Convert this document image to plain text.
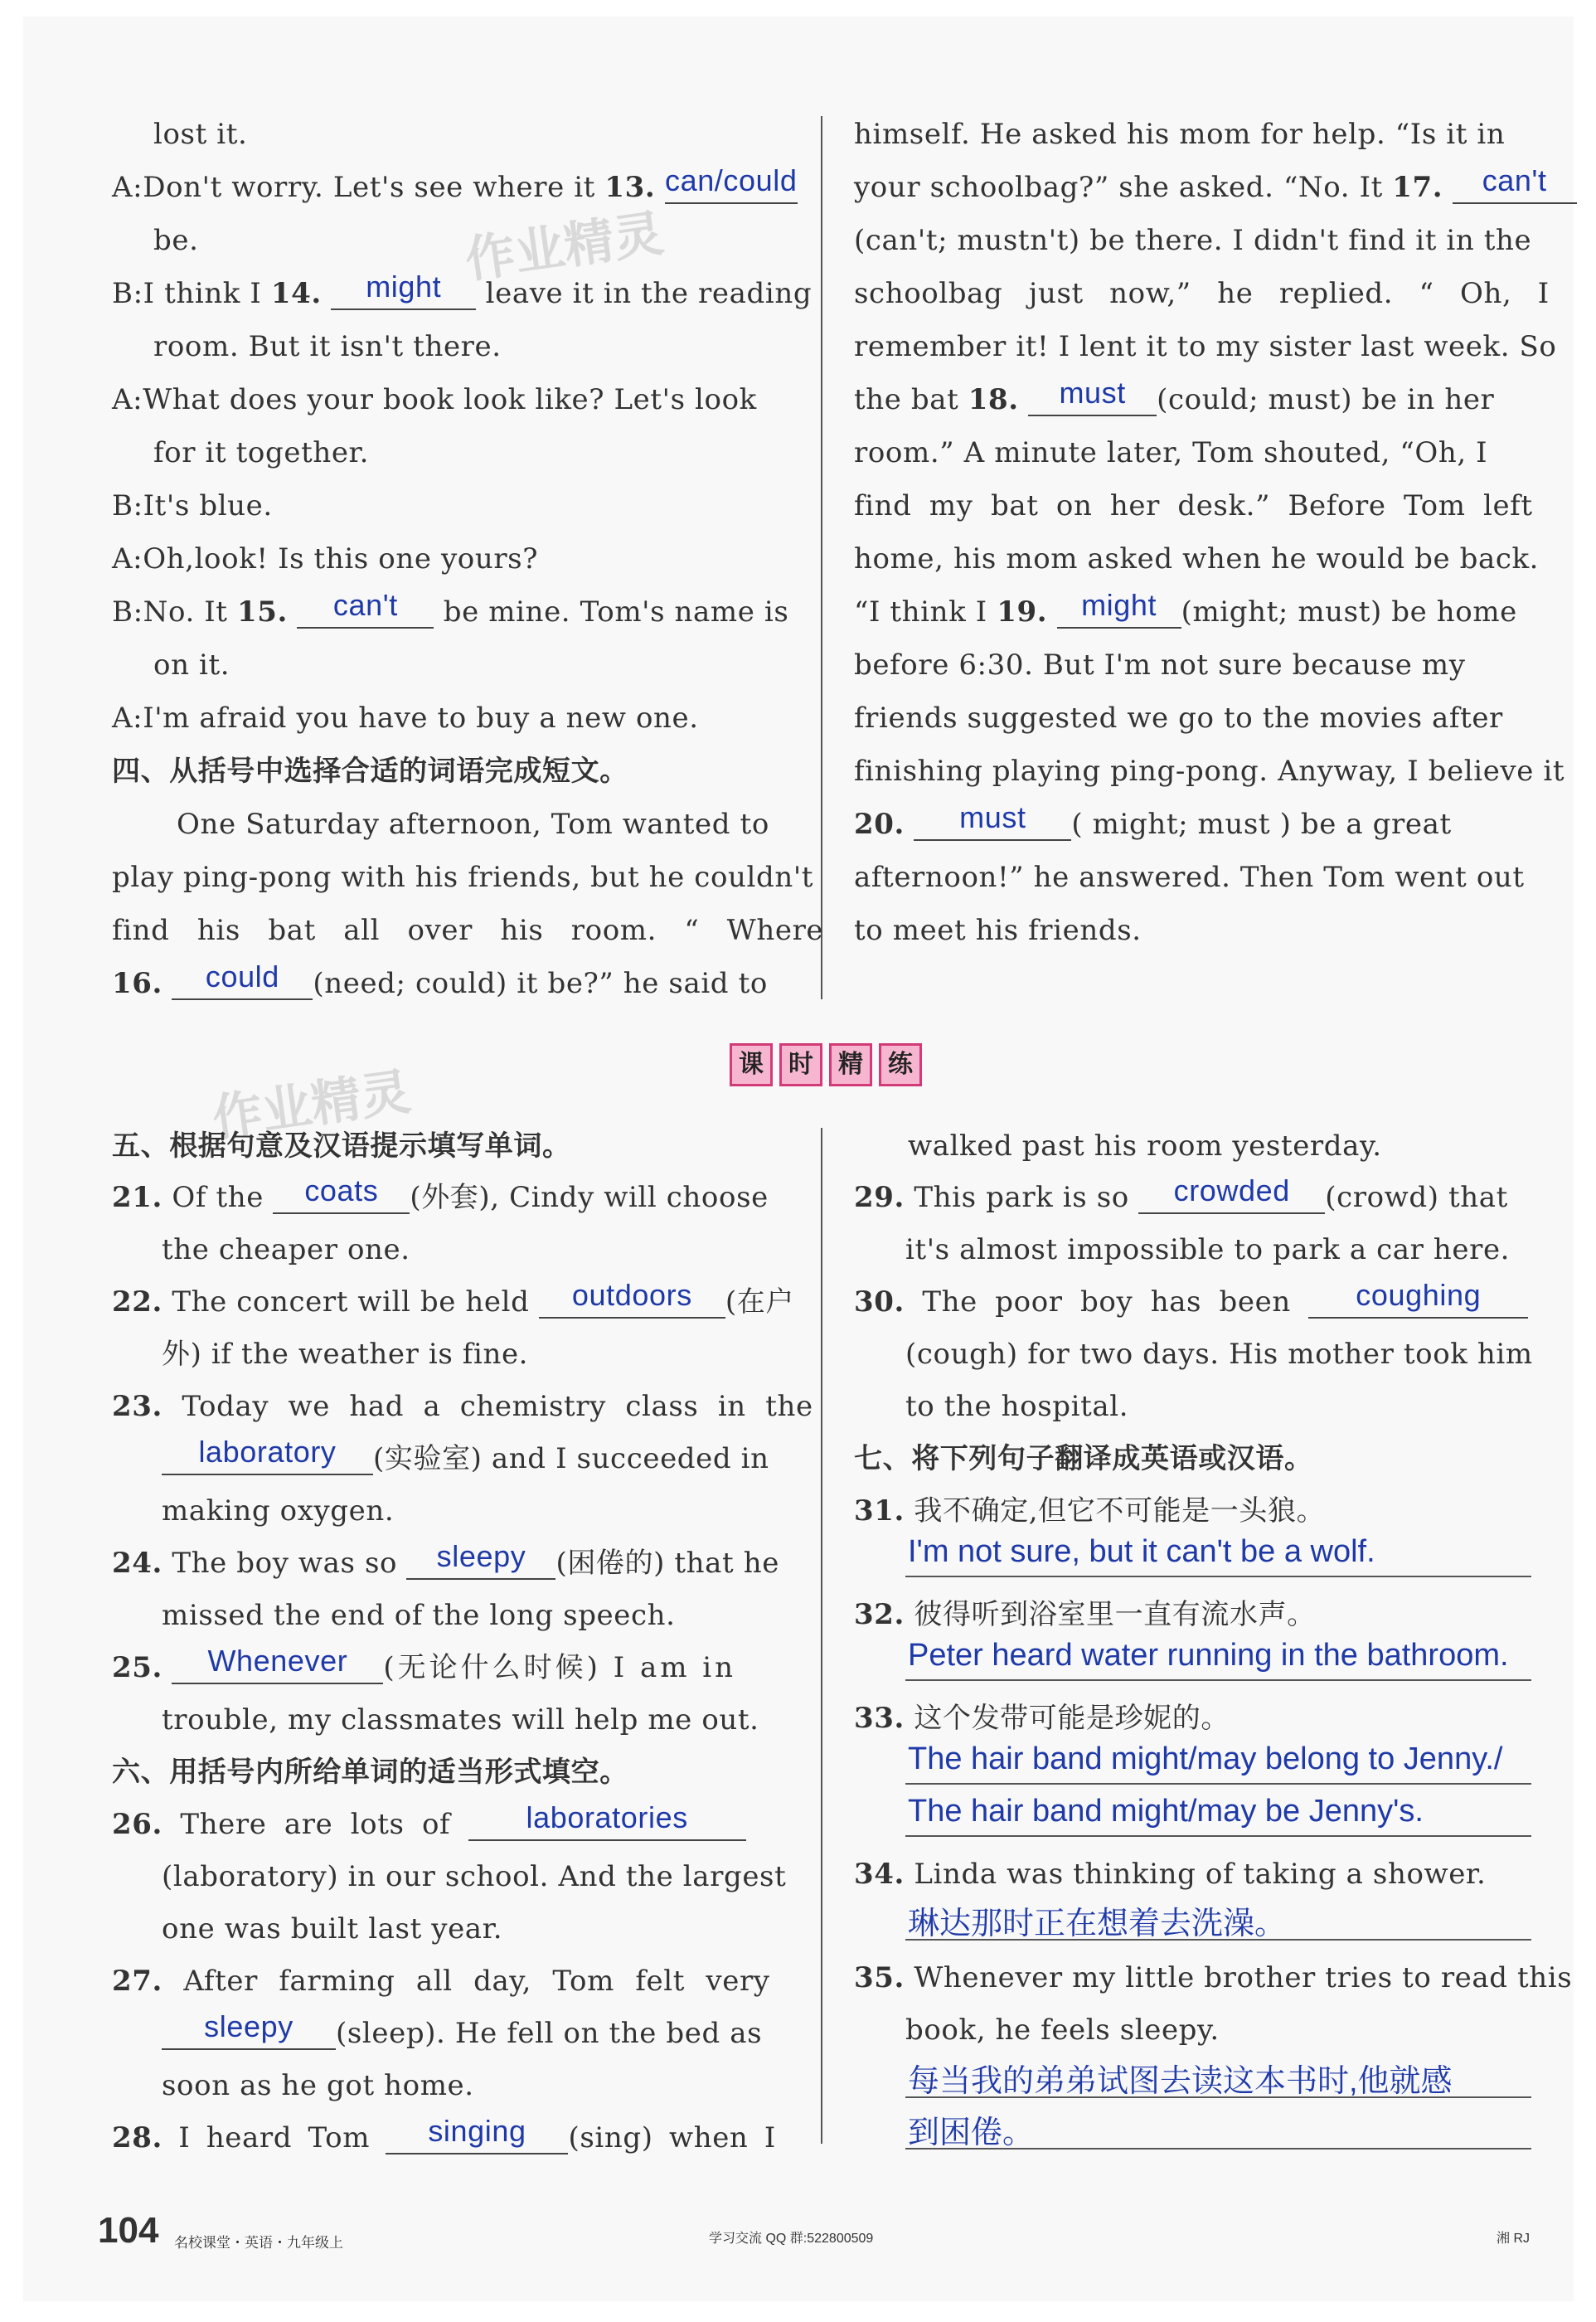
作业精灵
作业精灵
lost it.
A:Don't worry. Let's see where it 13. can/could
be.
B:I think I 14.	might	leave it in the reading
room. But it isn't there.
A:What does your book look like? Let's look
for it together.
B:It's blue.
A:Oh,look! Is this one yours?
B:No. It 15.	can't	be mine. Tom's name is
on it.
A:I'm afraid you have to buy a new one.
四、从括号中选择合适的词语完成短文。
One Saturday afternoon, Tom wanted to
play ping-pong with his friends, but he couldn't
find his bat all over his room. “ Where
16.	could	(need; could) it be?” he said to
himself. He asked his mom for help. “Is it in
your schoolbag?” she asked. “No. It 17.	can't
(can't; mustn't) be there. I didn't find it in the
schoolbag just now,” he replied. “ Oh, I
remember it! I lent it to my sister last week. So
the bat 18.	must	(could; must) be in her
room.” A minute later, Tom shouted, “Oh, I
find my bat on her desk.” Before Tom left
home, his mom asked when he would be back.
“I think I 19.	might (might; must) be home
before 6:30. But I'm not sure because my
friends suggested we go to the movies after
finishing playing ping-pong. Anyway, I believe it
20.	must	( might; must ) be a great
afternoon!” he answered. Then Tom went out
to meet his friends.
课	时	精	练
五、根据句意及汉语提示填写单词。
21. Of the	coats	(外套), Cindy will choose
the cheaper one.
22. The concert will be held	outdoors	(在户
外) if the weather is fine.
23. Today we had a chemistry class in the
laboratory	(实验室) and I succeeded in
making oxygen.
24. The boy was so	sleepy	(困倦的) that he
missed the end of the long speech.
25.	Whenever	(无论什么时候) I am in
trouble, my classmates will help me out.
六、用括号内所给单词的适当形式填空。
26. There are lots of	laboratories
(laboratory) in our school. And the largest
one was built last year.
27. After farming all day, Tom felt very
sleepy	(sleep). He fell on the bed as
soon as he got home.
28. I heard Tom	singing	(sing) when I
walked past his room yesterday.
29. This park is so	crowded	(crowd) that
it's almost impossible to park a car here.
30. The poor boy has been	coughing
(cough) for two days. His mother took him
to the hospital.
七、将下列句子翻译成英语或汉语。
31. 我不确定,但它不可能是一头狼。
I'm not sure, but it can't be a wolf.
32. 彼得听到浴室里一直有流水声。
Peter heard water running in the bathroom.
33. 这个发带可能是珍妮的。
The hair band might/may belong to Jenny./
The hair band might/may be Jenny's.
34. Linda was thinking of taking a shower.
琳达那时正在想着去洗澡。
35. Whenever my little brother tries to read this
book, he feels sleepy.
每当我的弟弟试图去读这本书时,他就感
到困倦。
104 名校课堂・英语・九年级上	学习交流 QQ 群:522800509	湘 RJ
